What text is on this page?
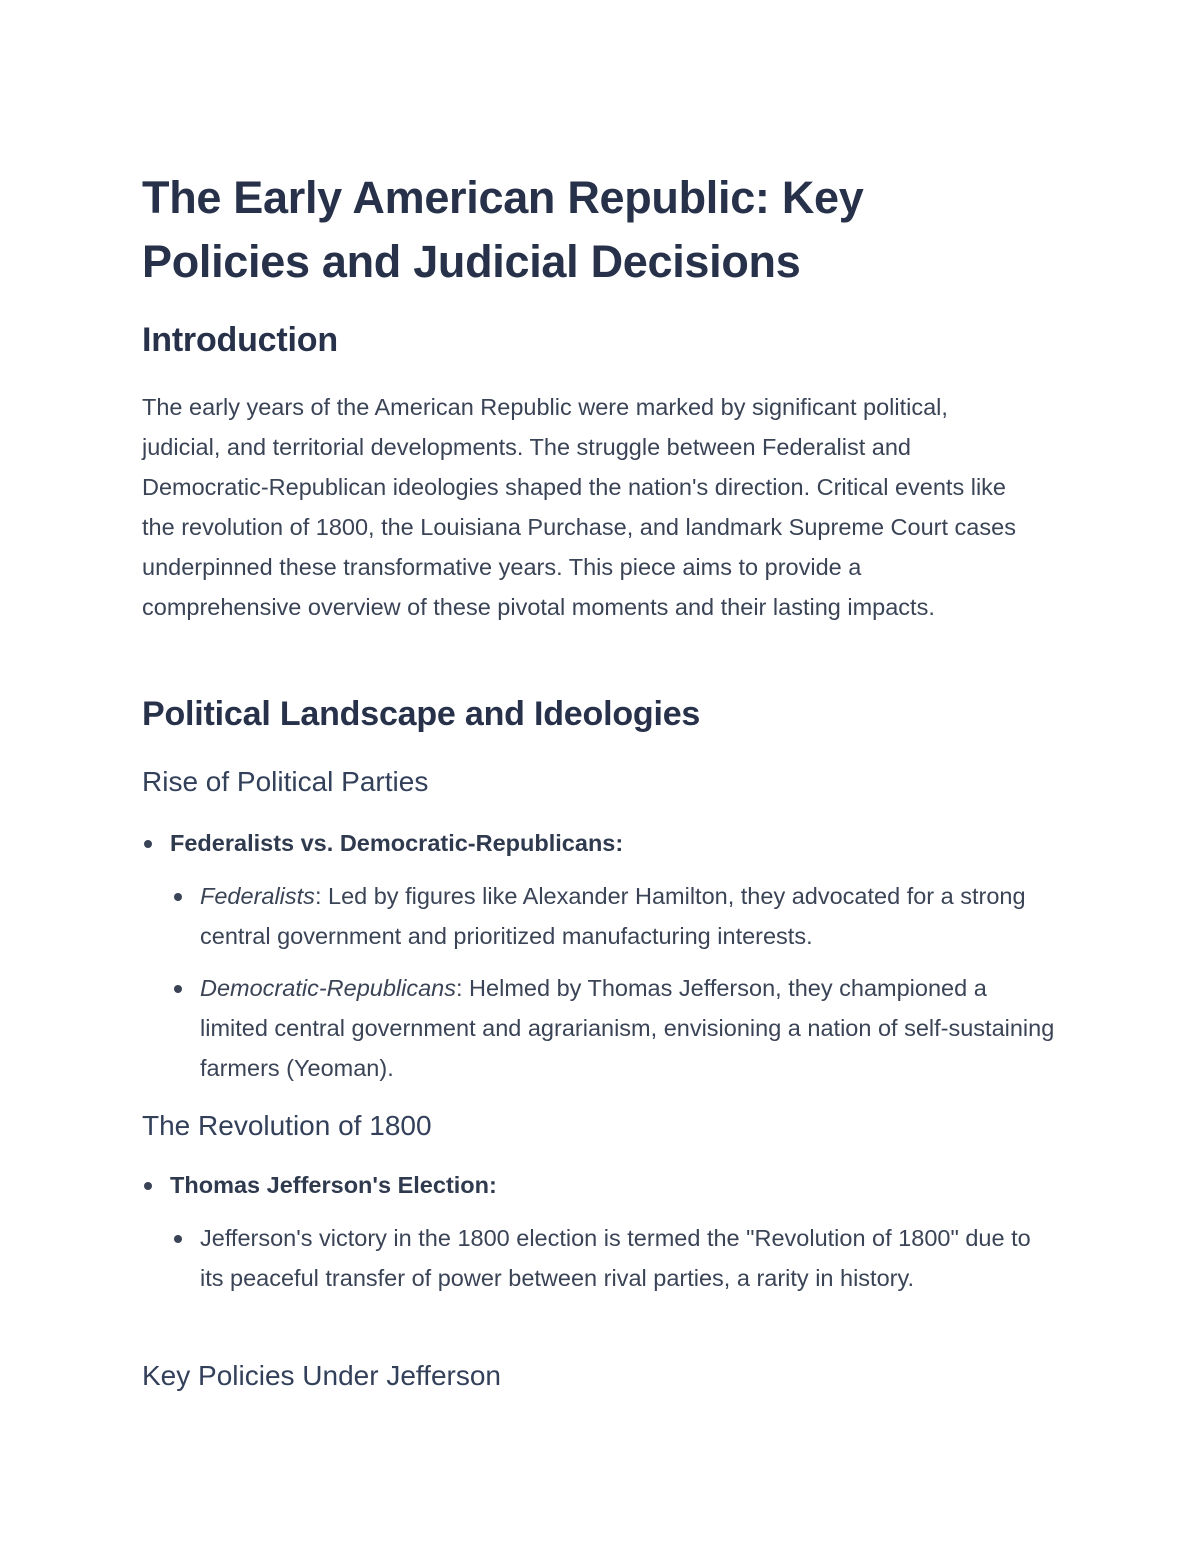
The Early American Republic: Key Policies and Judicial Decisions
Introduction

The early years of the American Republic were marked by significant political, judicial, and territorial developments. The struggle between Federalist and Democratic-Republican ideologies shaped the nation's direction. Critical events like the revolution of 1800, the Louisiana Purchase, and landmark Supreme Court cases underpinned these transformative years. This piece aims to provide a comprehensive overview of these pivotal moments and their lasting impacts.

Political Landscape and Ideologies
Rise of Political Parties
Federalists vs. Democratic-Republicans:
Federalists: Led by figures like Alexander Hamilton, they advocated for a strong central government and prioritized manufacturing interests.
Democratic-Republicans: Helmed by Thomas Jefferson, they championed a limited central government and agrarianism, envisioning a nation of self-sustaining farmers (Yeoman).
The Revolution of 1800
Thomas Jefferson's Election:
Jefferson's victory in the 1800 election is termed the "Revolution of 1800" due to its peaceful transfer of power between rival parties, a rarity in history.
Key Policies Under Jefferson
